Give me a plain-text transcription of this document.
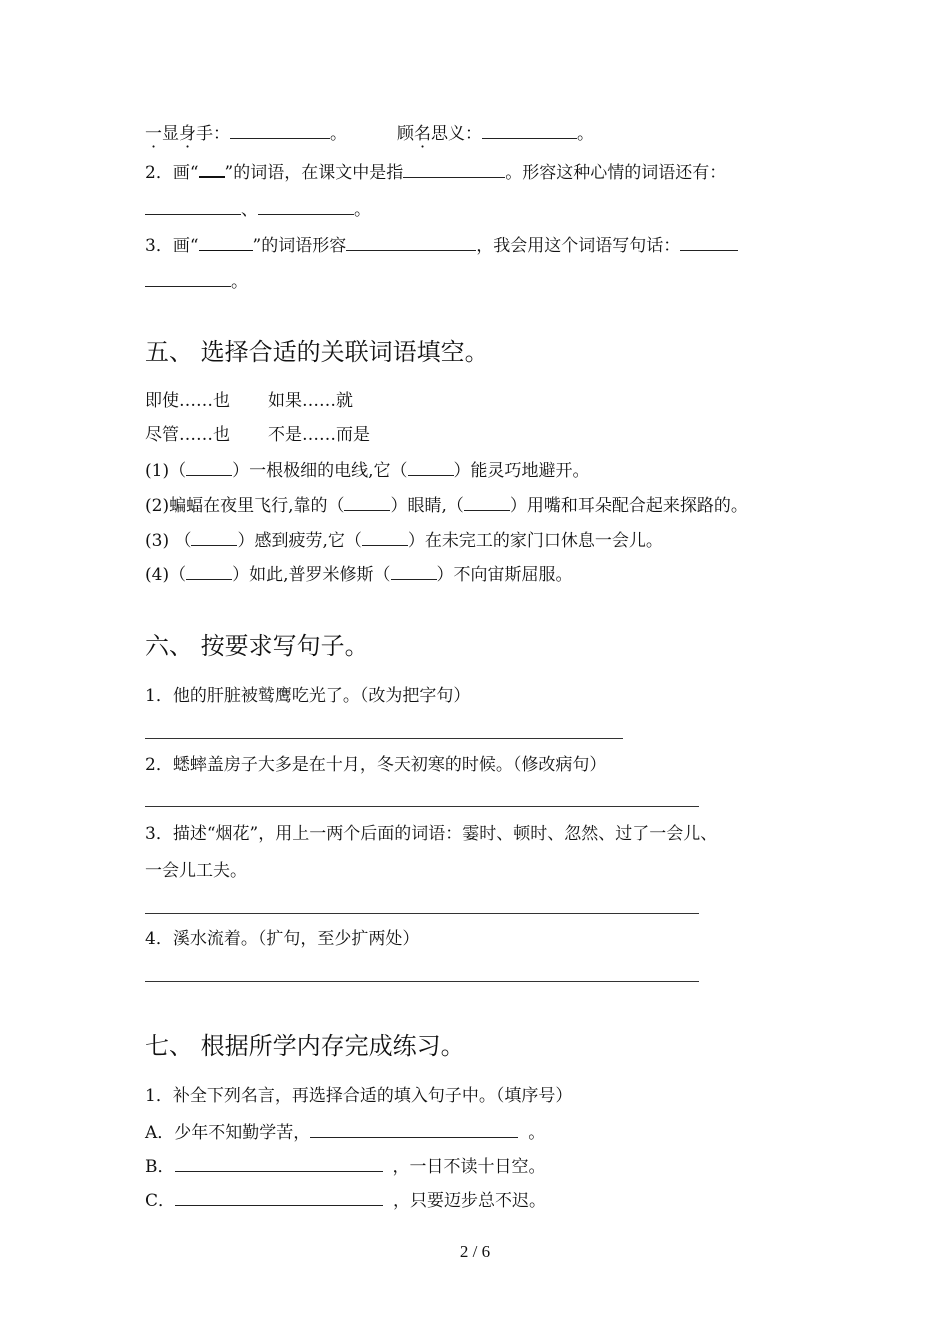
一显身手：	。	顾名思义：	。
2．画“ ”的词语，在课文中是指	。形容这种心情的词语还有：
、	。
3．画“	”的词语形容	，我会用这个词语写句话：
。
五、 选择合适的关联词语填空。
即使……也 如果……就
尽管……也 不是……而是
(1)（	）一根极细的电线,它（	）能灵巧地避开。
(2)蝙蝠在夜里飞行,靠的（	）眼睛,（	）用嘴和耳朵配合起来探路的。
(3) （	）感到疲劳,它（	）在未完工的家门口休息一会儿。
(4)（	）如此,普罗米修斯（	）不向宙斯屈服。
六、 按要求写句子。
1．他的肝脏被鹫鹰吃光了。（改为把字句）
2．蟋蟀盖房子大多是在十月，冬天初寒的时候。（修改病句）
3．描述“烟花”，用上一两个后面的词语：霎时、顿时、忽然、过了一会儿、
一会儿工夫。
4．溪水流着。（扩句，至少扩两处）
七、 根据所学内存完成练习。
1．补全下列名言，再选择合适的填入句子中。（填序号）
A．少年不知勤学苦，	。
B．	，一日不读十日空。
C．	，只要迈步总不迟。
2 / 6
